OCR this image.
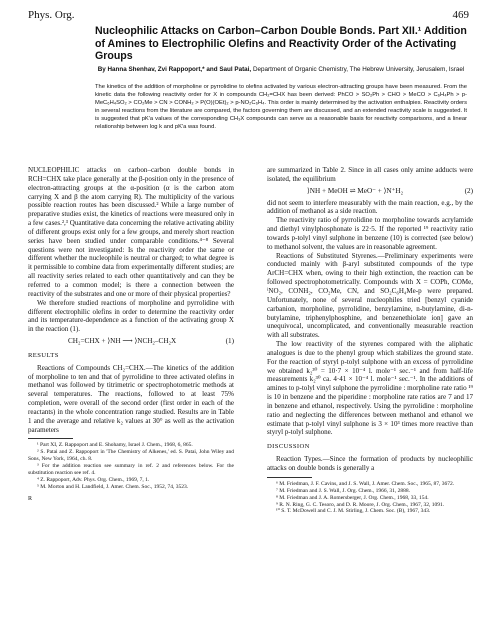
Phys. Org.	469
Nucleophilic Attacks on Carbon–Carbon Double Bonds. Part XII.¹ Addition of Amines to Electrophilic Olefins and Reactivity Order of the Activating Groups

By Hanna Shenhav, Zvi Rappoport,* and Saul Patai, Department of Organic Chemistry, The Hebrew University, Jerusalem, Israel

The kinetics of the addition of morpholine or pyrrolidine to olefins activated by various electron-attracting groups have been measured. From the kinetic data the following reactivity order for X in compounds CH₂=CHX has been derived: PhCO > SO₂Ph > CHO > MeCO > C₆H₄Ph > p-MeC₆H₄SO₂ > CO₂Me > CN > CONH₂ > P(O)(OEt)₂ > p-NO₂C₆H₄. This order is mainly determined by the activation enthalpies. Reactivity orders in several reactions from the literature are compared, the factors governing them are discussed, and an extended reactivity scale is suggested. It is suggested that pK'a values of the corresponding CH₃X compounds can serve as a reasonable basis for reactivity comparisons, and a linear relationship between log k and pK'a was found.

NUCLEOPHILIC attacks on carbon–carbon double bonds in RCH=CHX take place generally at the β-position only in the presence of electron-attracting groups at the α-position (α is the carbon atom carrying X and β the atom carrying R). The multiplicity of the various possible reaction routes has been discussed.² While a large number of preparative studies exist, the kinetics of reactions were measured only in a few cases.²,³ Quantitative data concerning the relative activating ability of different groups exist only for a few groups, and merely short reaction series have been studied under comparable conditions.⁴⁻⁸ Several questions were not investigated: Is the reactivity order the same or different whether the nucleophile is neutral or charged; to what degree is it permissible to combine data from experimentally different studies; are all reactivity series related to each other quantitatively and can they be referred to a common model; is there a connection between the reactivity of the substrates and one or more of their physical properties?

We therefore studied reactions of morpholine and pyrrolidine with different electrophilic olefins in order to determine the reactivity order and its temperature-dependence as a function of the activating group X in the reaction (1).

CH₂=CHX + ⟩NH ⟶ ⟩NCH₂–CH₂X	(1)
RESULTS

Reactions of Compounds CH₂=CHX.—The kinetics of the addition of morpholine to ten and that of pyrrolidine to three activated olefins in methanol was followed by titrimetric or spectrophotometric methods at several temperatures. The reactions, followed to at least 75% completion, were overall of the second order (first order in each of the reactants) in the whole concentration range studied. Results are in Table 1 and the average and relative k₂ values at 30° as well as the activation parameters

¹ Part XI, Z. Rappoport and E. Shohamy, Israel J. Chem., 1968, 6, 865.

² S. Patai and Z. Rappoport in 'The Chemistry of Alkenes,' ed. S. Patai, John Wiley and Sons, New York, 1964, ch. 8.

³ For the addition reaction see summary in ref. 2 and references below. For the substitution reaction see ref. 4.

⁴ Z. Rappoport, Adv. Phys. Org. Chem., 1969, 7, 1.

⁵ M. Morton and H. Landfield, J. Amer. Chem. Soc., 1952, 74, 3523.

R

are summarized in Table 2. Since in all cases only amine adducts were isolated, the equilibrium

⟩NH + MeOH ⇌ MeO⁻ + ⟩N⁺H₂	(2)

did not seem to interfere measurably with the main reaction, e.g., by the addition of methanol as a side reaction.

The reactivity ratio of pyrrolidine to morpholine towards acrylamide and diethyl vinylphosphonate is 22·5. If the reported ¹⁹ reactivity ratio towards p-tolyl vinyl sulphone in benzene (10) is corrected (see below) to methanol solvent, the values are in reasonable agreement.

Reactions of Substituted Styrenes.—Preliminary experiments were conducted mainly with β-aryl substituted compounds of the type ArCH=CHX when, owing to their high extinction, the reaction can be followed spectrophotometrically. Compounds with X = COPh, COMe, ⁱNO₂, CONH₂, CO₂Me, CN, and SO₂C₆H₄Me-p were prepared. Unfortunately, none of several nucleophiles tried [benzyl cyanide carbanion, morpholine, pyrrolidine, benzylamine, n-butylamine, di-n-butylamine, triphenylphosphine, and benzenethiolate ion] gave an unequivocal, uncomplicated, and conventionally measurable reaction with all substrates.

The low reactivity of the styrenes compared with the aliphatic analogues is due to the phenyl group which stabilizes the ground state. For the reaction of styryl p-tolyl sulphone with an excess of pyrrolidine we obtained k₂³⁰ = 10·7 × 10⁻⁴ l. mole⁻¹ sec.⁻¹ and from half-life measurements k₂³⁰ ca. 4·41 × 10⁻⁴ l. mole⁻¹ sec.⁻¹. In the additions of amines to p-tolyl vinyl sulphone the pyrrolidine : morpholine rate ratio ¹⁹ is 10 in benzene and the piperidine : morpholine rate ratios are 7 and 17 in benzene and ethanol, respectively. Using the pyrrolidine : morpholine ratio and neglecting the differences between methanol and ethanol we estimate that p-tolyl vinyl sulphone is 3 × 10³ times more reactive than styryl p-tolyl sulphone.

DISCUSSION

Reaction Types.—Since the formation of products by nucleophilic attacks on double bonds is generally a

⁶ M. Friedman, J. F. Cavins, and J. S. Wall, J. Amer. Chem. Soc., 1965, 87, 3672.

⁷ M. Friedman and J. S. Wall, J. Org. Chem., 1966, 31, 2888.

⁸ M. Friedman and J. A. Romersberger, J. Org. Chem., 1968, 33, 154.

⁹ R. N. Ring, G. C. Tesoro, and D. R. Moore, J. Org. Chem., 1967, 32, 1091.

¹⁰ S. T. McDowell and C. J. M. Stirling, J. Chem. Soc. (B), 1967, 343.
